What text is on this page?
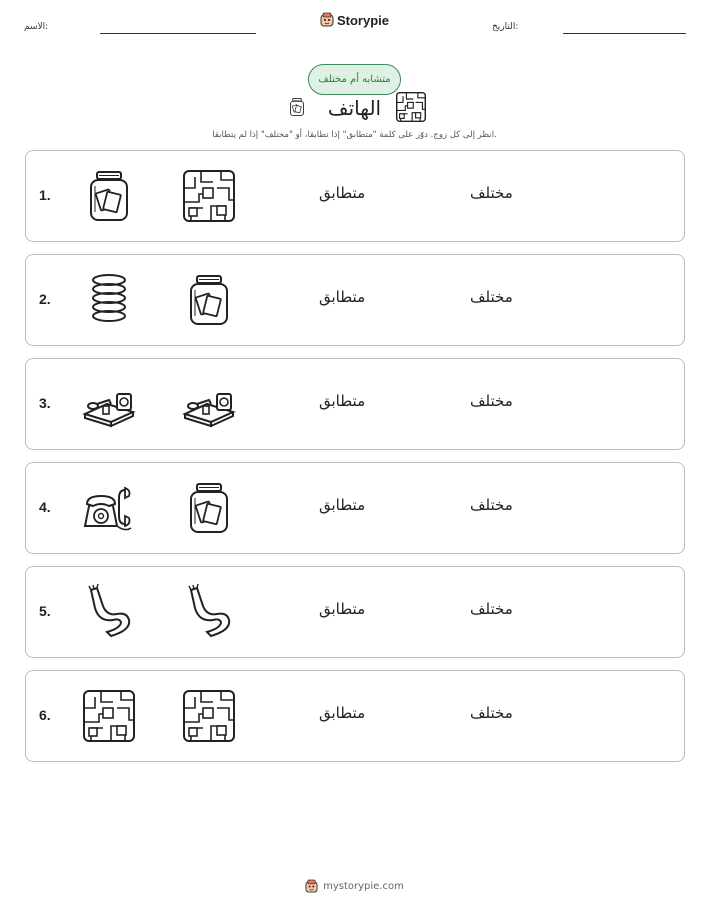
الاسم:	Storypie	التاريخ:
متشابه أم مختلف
الهاتف
انظر إلى كل زوج. دوّر على كلمة "متطابق" إذا تطابقا، أو "مختلف" إذا لم يتطابقا.
1.	متطابق	مختلف
2.	متطابق	مختلف
3.	متطابق	مختلف
4.	متطابق	مختلف
5.	متطابق	مختلف
6.	متطابق	مختلف
mystorypie.com
